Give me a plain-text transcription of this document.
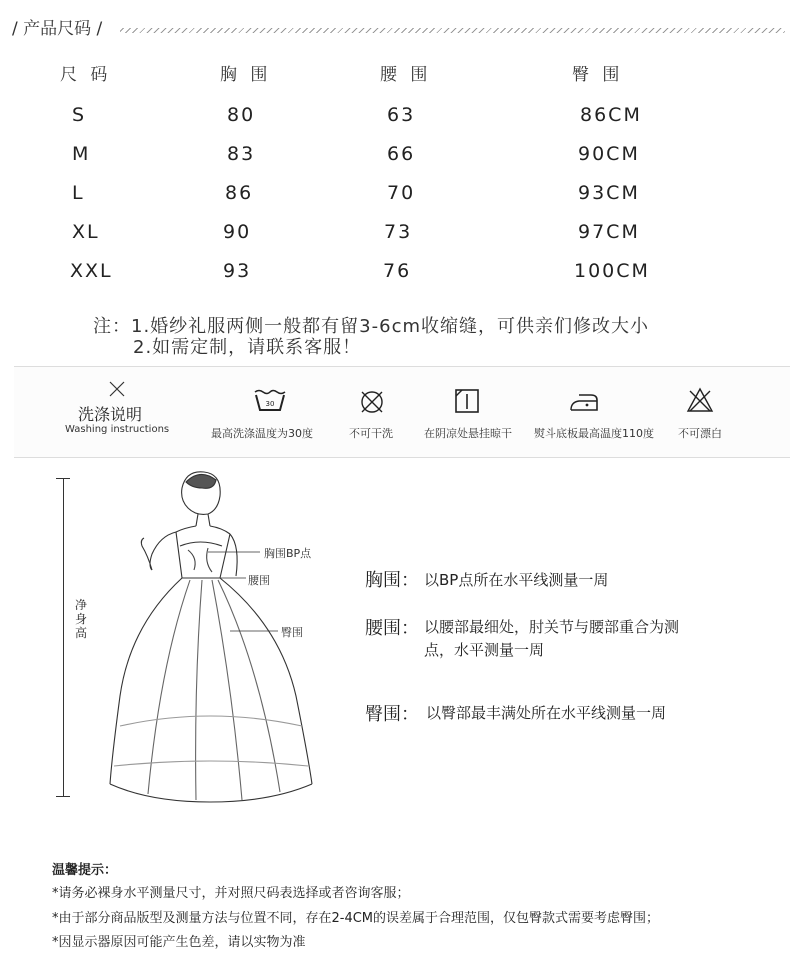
/ 产品尺码 /
尺 码	胸 围	腰 围	臀 围
S	80	63	86CM
M	83	66	90CM
L	86	70	93CM
XL	90	73	97CM
XXL	93	76	100CM
注：1.婚纱礼服两侧一般都有留3-6cm收缩缝，可供亲们修改大小
2.如需定制，请联系客服！
洗涤说明
Washing instructions
30
最高洗涤温度为30度	不可干洗	在阴凉处悬挂晾干 熨斗底板最高温度110度 不可漂白
净
身
高
胸围BP点
腰围
臀围
胸围： 以BP点所在水平线测量一周
腰围： 以腰部最细处，肘关节与腰部重合为测
点，水平测量一周
臀围： 以臀部最丰满处所在水平线测量一周
温馨提示：
*请务必裸身水平测量尺寸，并对照尺码表选择或者咨询客服；
*由于部分商品版型及测量方法与位置不同，存在2-4CM的误差属于合理范围，仅包臀款式需要考虑臀围；
*因显示器原因可能产生色差，请以实物为准
